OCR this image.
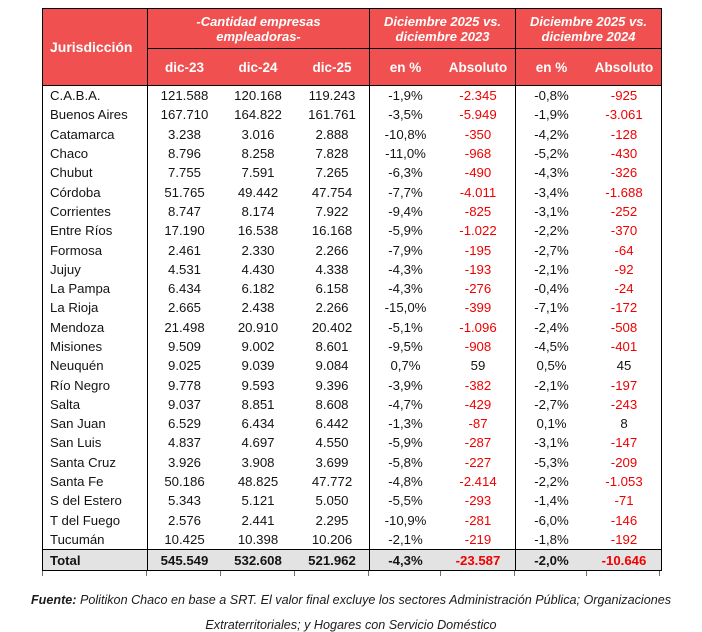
Jurisdicción
-Cantidad empresas empleadoras-
Diciembre 2025 vs. diciembre 2023
Diciembre 2025 vs. diciembre 2024
dic-23	dic-24	dic-25	en %	Absoluto	en %	Absoluto
C.A.B.A.	121.588	120.168	119.243	-1,9%	-2.345	-0,8%	-925
Buenos Aires	167.710	164.822	161.761	-3,5%	-5.949	-1,9%	-3.061
Catamarca	3.238	3.016	2.888	-10,8%	-350	-4,2%	-128
Chaco	8.796	8.258	7.828	-11,0%	-968	-5,2%	-430
Chubut	7.755	7.591	7.265	-6,3%	-490	-4,3%	-326
Córdoba	51.765	49.442	47.754	-7,7%	-4.011	-3,4%	-1.688
Corrientes	8.747	8.174	7.922	-9,4%	-825	-3,1%	-252
Entre Ríos	17.190	16.538	16.168	-5,9%	-1.022	-2,2%	-370
Formosa	2.461	2.330	2.266	-7,9%	-195	-2,7%	-64
Jujuy	4.531	4.430	4.338	-4,3%	-193	-2,1%	-92
La Pampa	6.434	6.182	6.158	-4,3%	-276	-0,4%	-24
La Rioja	2.665	2.438	2.266	-15,0%	-399	-7,1%	-172
Mendoza	21.498	20.910	20.402	-5,1%	-1.096	-2,4%	-508
Misiones	9.509	9.002	8.601	-9,5%	-908	-4,5%	-401
Neuquén	9.025	9.039	9.084	0,7%	59	0,5%	45
Río Negro	9.778	9.593	9.396	-3,9%	-382	-2,1%	-197
Salta	9.037	8.851	8.608	-4,7%	-429	-2,7%	-243
San Juan	6.529	6.434	6.442	-1,3%	-87	0,1%	8
San Luis	4.837	4.697	4.550	-5,9%	-287	-3,1%	-147
Santa Cruz	3.926	3.908	3.699	-5,8%	-227	-5,3%	-209
Santa Fe	50.186	48.825	47.772	-4,8%	-2.414	-2,2%	-1.053
S del Estero	5.343	5.121	5.050	-5,5%	-293	-1,4%	-71
T del Fuego	2.576	2.441	2.295	-10,9%	-281	-6,0%	-146
Tucumán	10.425	10.398	10.206	-2,1%	-219	-1,8%	-192
Total	545.549	532.608	521.962	-4,3%	-23.587	-2,0%	-10.646
Fuente: Politikon Chaco en base a SRT. El valor final excluye los sectores Administración Pública; Organizaciones
Extraterritoriales; y Hogares con Servicio Doméstico
